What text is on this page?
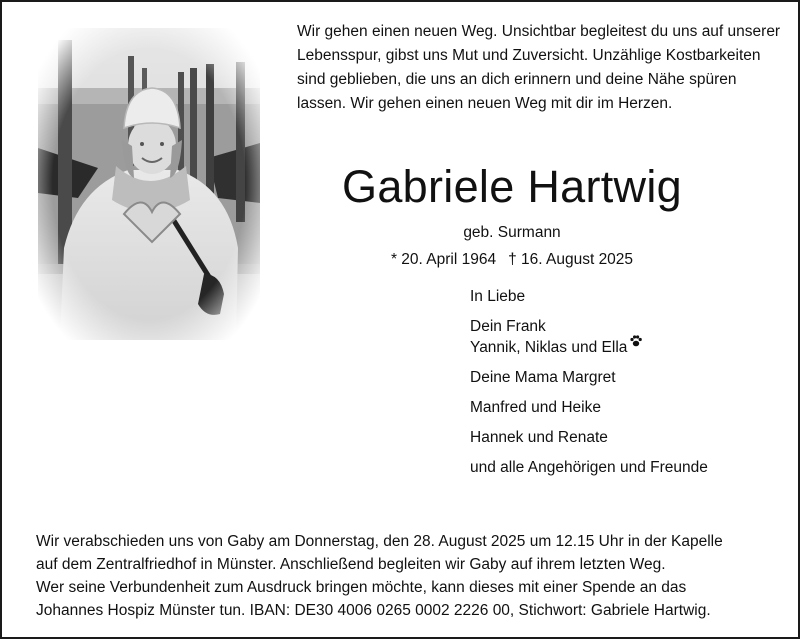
Wir gehen einen neuen Weg. Unsichtbar begleitest du uns auf unserer
Lebensspur, gibst uns Mut und Zuversicht. Unzählige Kostbarkeiten
sind geblieben, die uns an dich erinnern und deine Nähe spüren
lassen. Wir gehen einen neuen Weg mit dir im Herzen.
Gabriele Hartwig
geb. Surmann
* 20. April 1964 † 16. August 2025
In Liebe
Dein Frank
Yannik, Niklas und Ella
Deine Mama Margret
Manfred und Heike
Hannek und Renate
und alle Angehörigen und Freunde
Wir verabschieden uns von Gaby am Donnerstag, den 28. August 2025 um 12.15 Uhr in der Kapelle
auf dem Zentralfriedhof in Münster. Anschließend begleiten wir Gaby auf ihrem letzten Weg.
Wer seine Verbundenheit zum Ausdruck bringen möchte, kann dieses mit einer Spende an das
Johannes Hospiz Münster tun. IBAN: DE30 4006 0265 0002 2226 00, Stichwort: Gabriele Hartwig.
